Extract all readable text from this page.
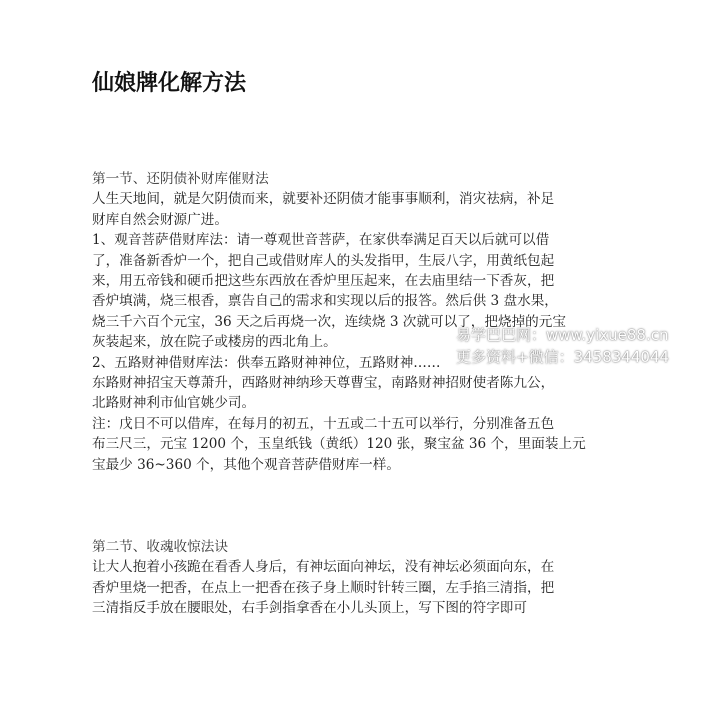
仙娘牌化解方法
第一节、还阴债补财库催财法
人生天地间，就是欠阴债而来，就要补还阴债才能事事顺利，消灾祛病，补足
财库自然会财源广进。
1、观音菩萨借财库法：请一尊观世音菩萨，在家供奉满足百天以后就可以借
了，准备新香炉一个，把自己或借财库人的头发指甲，生辰八字，用黄纸包起
来，用五帝钱和硬币把这些东西放在香炉里压起来，在去庙里结一下香灰，把
香炉填满，烧三根香，禀告自己的需求和实现以后的报答。然后供 3 盘水果，
烧三千六百个元宝，36 天之后再烧一次，连续烧 3 次就可以了，把烧掉的元宝
灰装起来，放在院子或楼房的西北角上。
2、五路财神借财库法：供奉五路财神神位，五路财神……
东路财神招宝天尊萧升，西路财神纳珍天尊曹宝，南路财神招财使者陈九公，
北路财神利市仙官姚少司。
注：戊日不可以借库，在每月的初五，十五或二十五可以举行，分别准备五色
布三尺三，元宝 1200 个，玉皇纸钱（黄纸）120 张，聚宝盆 36 个，里面装上元
宝最少 36~360 个，其他个观音菩萨借财库一样。
第二节、收魂收惊法诀
让大人抱着小孩跪在看香人身后，有神坛面向神坛，没有神坛必须面向东，在
香炉里烧一把香，在点上一把香在孩子身上顺时针转三圈，左手掐三清指，把
三清指反手放在腰眼处，右手剑指拿香在小儿头顶上，写下图的符字即可
易学巴巴网：www.yixue88.cn
更多资料+微信：3458344044
